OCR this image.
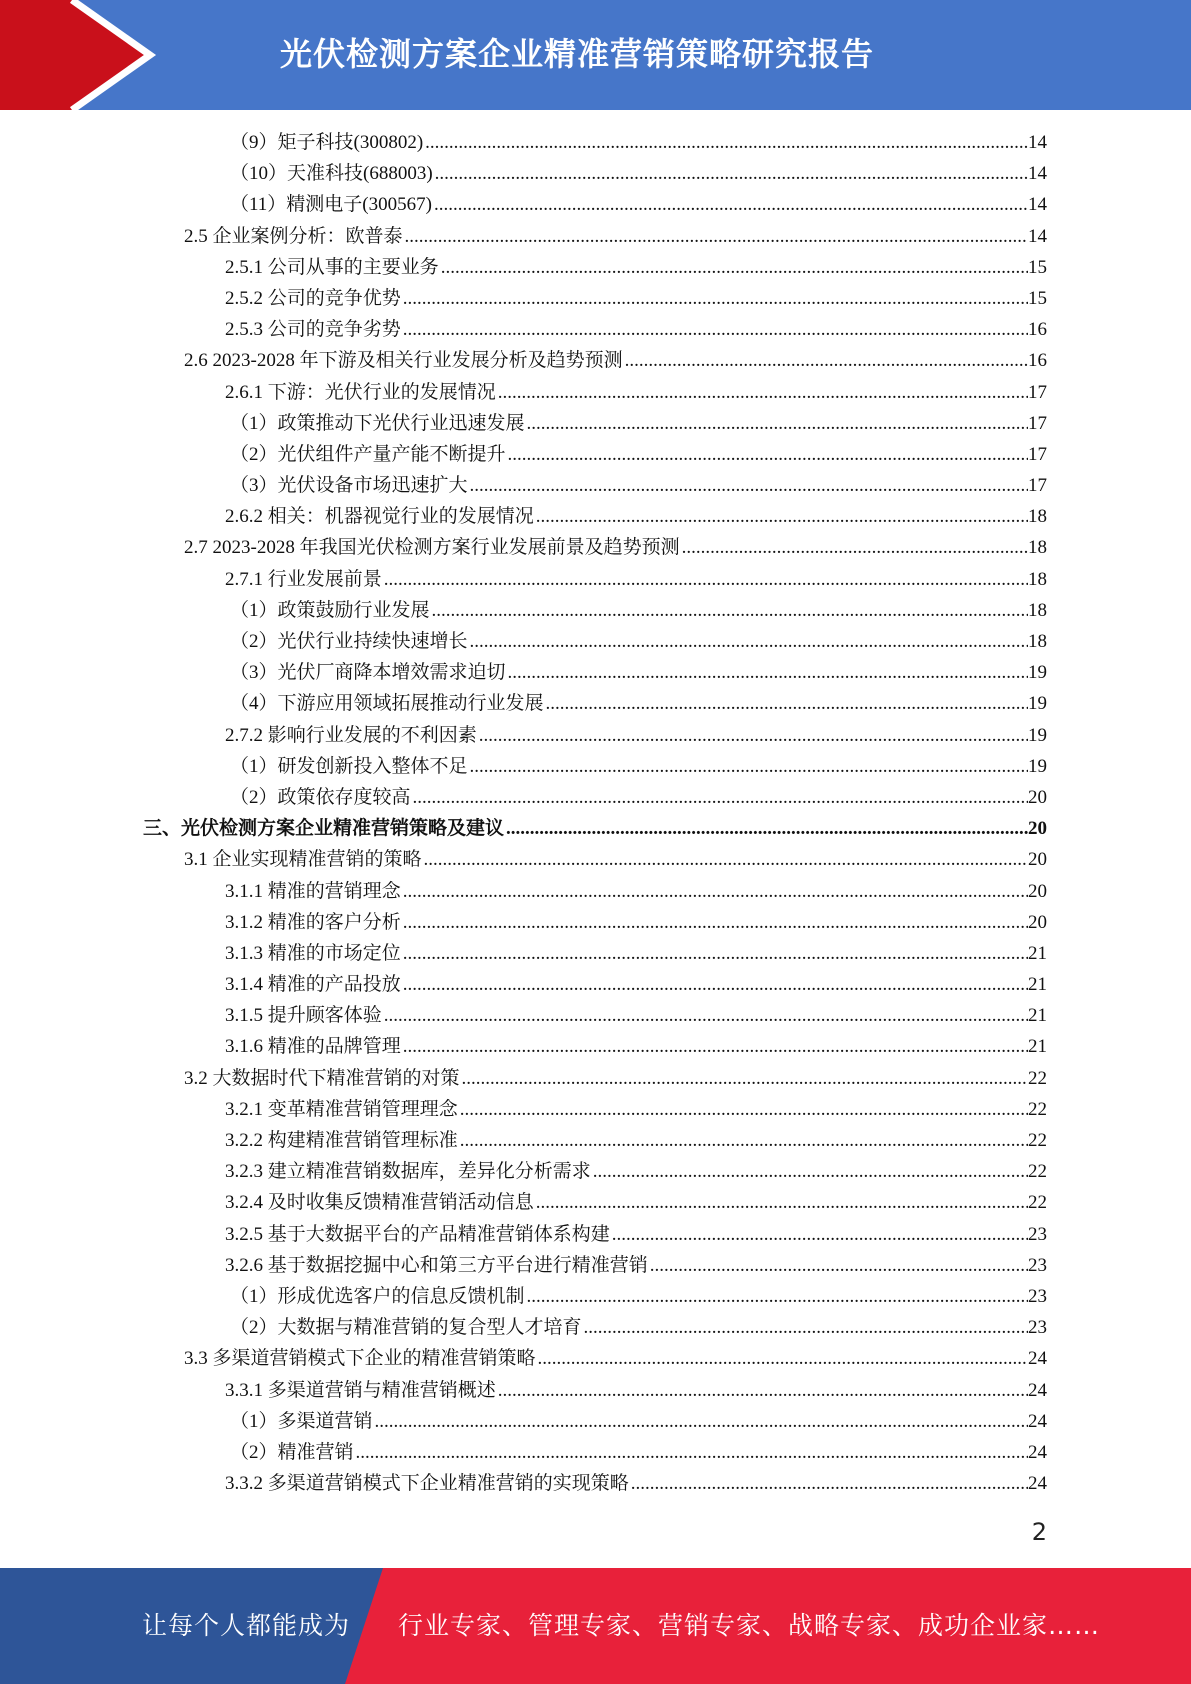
光伏检测方案企业精准营销策略研究报告
（9）矩子科技(300802) .....	14
（10）天准科技(688003) .....	14
（11）精测电子(300567) .....	14
2.5 企业案例分析：欧普泰 .....	14
2.5.1 公司从事的主要业务 .....	15
2.5.2 公司的竞争优势 .....	15
2.5.3 公司的竞争劣势 .....	16
2.6 2023-2028 年下游及相关行业发展分析及趋势预测 .....	16
2.6.1 下游：光伏行业的发展情况 .....	17
（1）政策推动下光伏行业迅速发展 .....	17
（2）光伏组件产量产能不断提升 .....	17
（3）光伏设备市场迅速扩大 .....	17
2.6.2 相关：机器视觉行业的发展情况 .....	18
2.7 2023-2028 年我国光伏检测方案行业发展前景及趋势预测 .....	18
2.7.1 行业发展前景 .....	18
（1）政策鼓励行业发展 .....	18
（2）光伏行业持续快速增长 .....	18
（3）光伏厂商降本增效需求迫切 .....	19
（4）下游应用领域拓展推动行业发展 .....	19
2.7.2 影响行业发展的不利因素 .....	19
（1）研发创新投入整体不足 .....	19
（2）政策依存度较高 .....	20
三、光伏检测方案企业精准营销策略及建议 .....	20
3.1 企业实现精准营销的策略 .....	20
3.1.1 精准的营销理念 .....	20
3.1.2 精准的客户分析 .....	20
3.1.3 精准的市场定位 .....	21
3.1.4 精准的产品投放 .....	21
3.1.5 提升顾客体验 .....	21
3.1.6 精准的品牌管理 .....	21
3.2 大数据时代下精准营销的对策 .....	22
3.2.1 变革精准营销管理理念 .....	22
3.2.2 构建精准营销管理标准 .....	22
3.2.3 建立精准营销数据库，差异化分析需求 .....	22
3.2.4 及时收集反馈精准营销活动信息 .....	22
3.2.5 基于大数据平台的产品精准营销体系构建 .....	23
3.2.6 基于数据挖掘中心和第三方平台进行精准营销 .....	23
（1）形成优选客户的信息反馈机制 .....	23
（2）大数据与精准营销的复合型人才培育 .....	23
3.3 多渠道营销模式下企业的精准营销策略 .....	24
3.3.1 多渠道营销与精准营销概述 .....	24
（1）多渠道营销 .....	24
（2）精准营销 .....	24
3.3.2 多渠道营销模式下企业精准营销的实现策略 .....	24
2
让每个人都能成为 行业专家、管理专家、营销专家、战略专家、成功企业家……
